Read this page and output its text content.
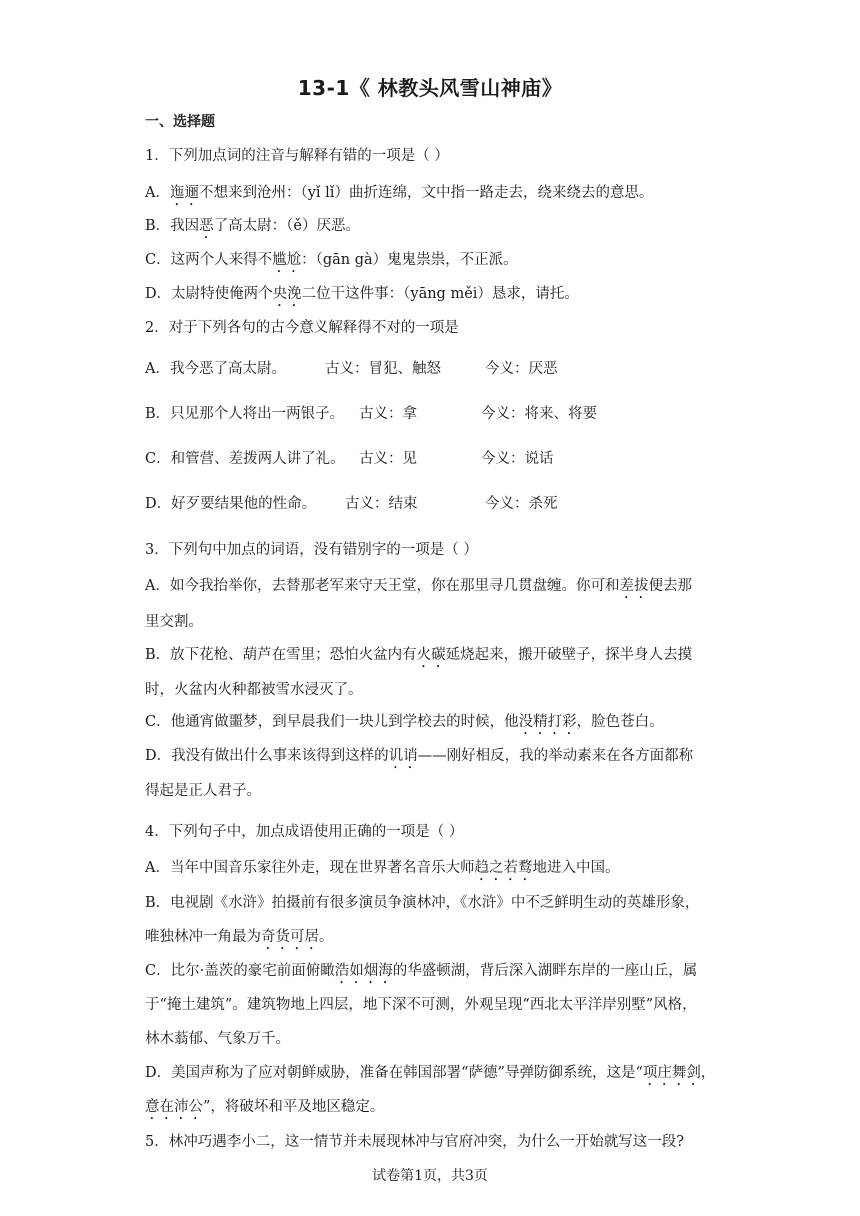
13-1《 林教头风雪山神庙》
一、选择题
1．下列加点词的注音与解释有错的一项是（ ）
A．迤逦不想来到沧州：（yǐ lǐ）曲折连绵，文中指一路走去，绕来绕去的意思。
B．我因恶了高太尉：（ě）厌恶。
C．这两个人来得不尴尬：（gān gà）鬼鬼祟祟，不正派。
D．太尉特使俺两个央浼二位干这件事：（yāng měi）恳求，请托。
2．对于下列各句的古今意义解释得不对的一项是
A．我今恶了高太尉。	古义：冒犯、触怒	今义：厌恶
B．只见那个人将出一两银子。 古义：拿	今义：将来、将要
C．和管营、差拨两人讲了礼。 古义：见	今义：说话
D．好歹要结果他的性命。 古义：结束	今义：杀死
3．下列句中加点的词语，没有错别字的一项是（ ）
A．如今我抬举你，去替那老军来守天王堂，你在那里寻几贯盘缠。你可和差拔便去那
里交割。
B．放下花枪、葫芦在雪里；恐怕火盆内有火碳延烧起来，搬开破壁子，探半身人去摸
时，火盆内火种都被雪水浸灭了。
C．他通宵做噩梦，到早晨我们一块儿到学校去的时候，他没精打彩，脸色苍白。
D．我没有做出什么事来该得到这样的讥诮——刚好相反，我的举动素来在各方面都称
得起是正人君子。
4．下列句子中，加点成语使用正确的一项是（ ）
A．当年中国音乐家往外走，现在世界著名音乐大师趋之若鹜地进入中国。
B．电视剧《水浒》拍摄前有很多演员争演林冲，《水浒》中不乏鲜明生动的英雄形象，
唯独林冲一角最为奇货可居。
C．比尔·盖茨的豪宅前面俯瞰浩如烟海的华盛顿湖，背后深入湖畔东岸的一座山丘，属
于“掩土建筑”。建筑物地上四层，地下深不可测，外观呈现“西北太平洋岸别墅”风格，
林木蓊郁、气象万千。
D．美国声称为了应对朝鲜威胁，准备在韩国部署“萨德”导弹防御系统，这是“项庄舞剑，
意在沛公”，将破坏和平及地区稳定。
5．林冲巧遇李小二，这一情节并未展现林冲与官府冲突，为什么一开始就写这一段?
试卷第1页，共3页
